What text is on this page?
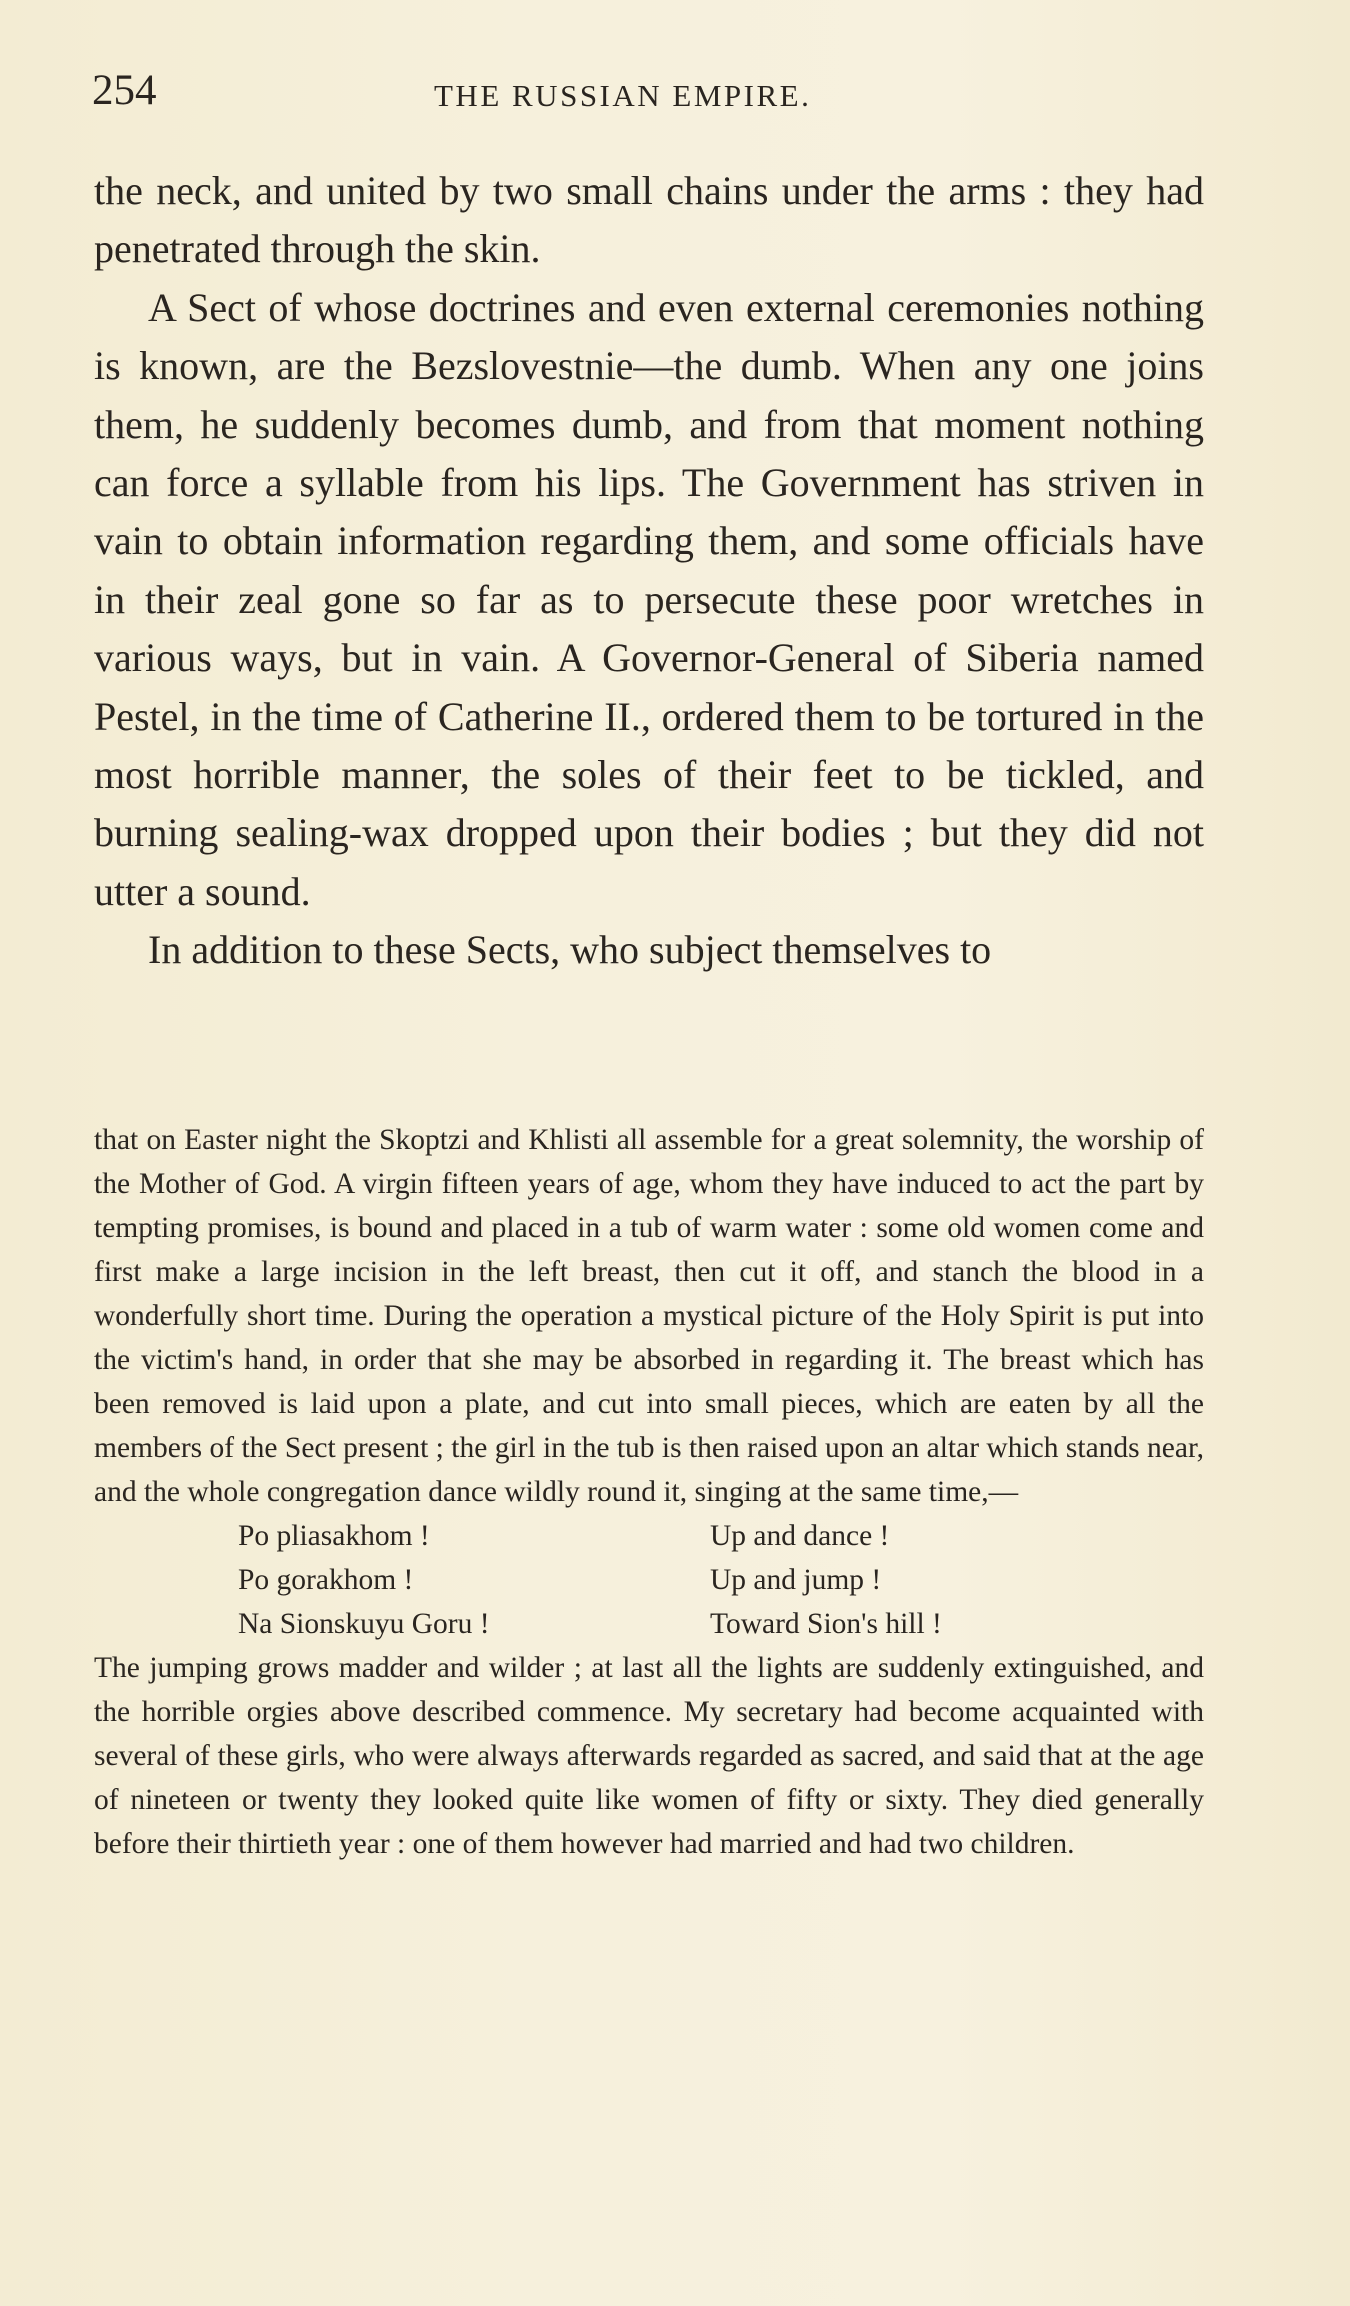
254	THE RUSSIAN EMPIRE.

the neck, and united by two small chains under the arms : they had penetrated through the skin.

A Sect of whose doctrines and even external ceremonies nothing is known, are the Bezslovestnie—the dumb. When any one joins them, he suddenly becomes dumb, and from that moment nothing can force a syllable from his lips. The Government has striven in vain to obtain information regarding them, and some officials have in their zeal gone so far as to persecute these poor wretches in various ways, but in vain. A Governor-General of Siberia named Pestel, in the time of Catherine II., ordered them to be tortured in the most horrible manner, the soles of their feet to be tickled, and burning sealing-wax dropped upon their bodies ; but they did not utter a sound.

In addition to these Sects, who subject themselves to

that on Easter night the Skoptzi and Khlisti all assemble for a great solemnity, the worship of the Mother of God. A virgin fifteen years of age, whom they have induced to act the part by tempting promises, is bound and placed in a tub of warm water : some old women come and first make a large incision in the left breast, then cut it off, and stanch the blood in a wonderfully short time. During the operation a mystical picture of the Holy Spirit is put into the victim's hand, in order that she may be absorbed in regarding it. The breast which has been removed is laid upon a plate, and cut into small pieces, which are eaten by all the members of the Sect present ; the girl in the tub is then raised upon an altar which stands near, and the whole congregation dance wildly round it, singing at the same time,—

Po pliasakhom !	Up and dance !
Po gorakhom !	Up and jump !
Na Sionskuyu Goru !	Toward Sion's hill !

The jumping grows madder and wilder ; at last all the lights are suddenly extinguished, and the horrible orgies above described commence. My secretary had become acquainted with several of these girls, who were always afterwards regarded as sacred, and said that at the age of nineteen or twenty they looked quite like women of fifty or sixty. They died generally before their thirtieth year : one of them however had married and had two children.
